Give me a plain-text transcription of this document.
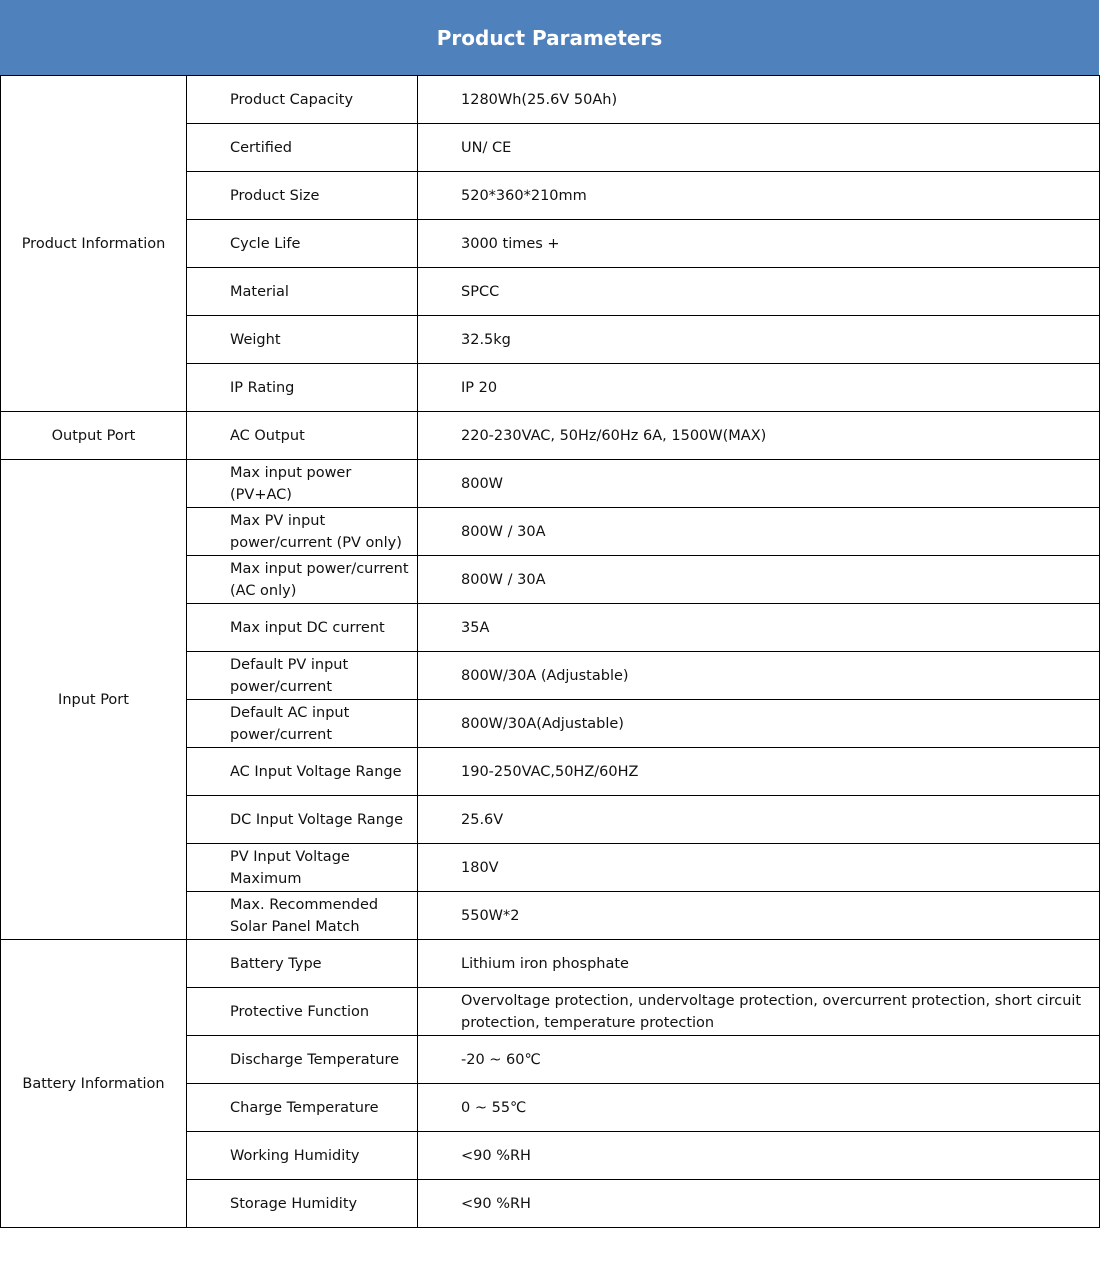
Product Parameters
Product Information	Product Capacity	1280Wh(25.6V 50Ah)
	Certified	UN/ CE
	Product Size	520*360*210mm
	Cycle Life	3000 times +
	Material	SPCC
	Weight	32.5kg
	IP Rating	IP 20
Output Port	AC Output	220-230VAC, 50Hz/60Hz 6A, 1500W(MAX)
Input Port	Max input power (PV+AC)	800W
	Max PV input power/current (PV only)	800W / 30A
	Max input power/current (AC only)	800W / 30A
	Max input DC current	35A
	Default PV input power/current	800W/30A (Adjustable)
	Default AC input power/current	800W/30A(Adjustable)
	AC Input Voltage Range	190-250VAC,50HZ/60HZ
	DC Input Voltage Range	25.6V
	PV Input Voltage Maximum	180V
	Max. Recommended Solar Panel Match	550W*2
Battery Information	Battery Type	Lithium iron phosphate
	Protective Function	Overvoltage protection, undervoltage protection, overcurrent protection, short circuit protection, temperature protection
	Discharge Temperature	-20 ~ 60℃
	Charge Temperature	0 ~ 55℃
	Working Humidity	<90 %RH
	Storage Humidity	<90 %RH
